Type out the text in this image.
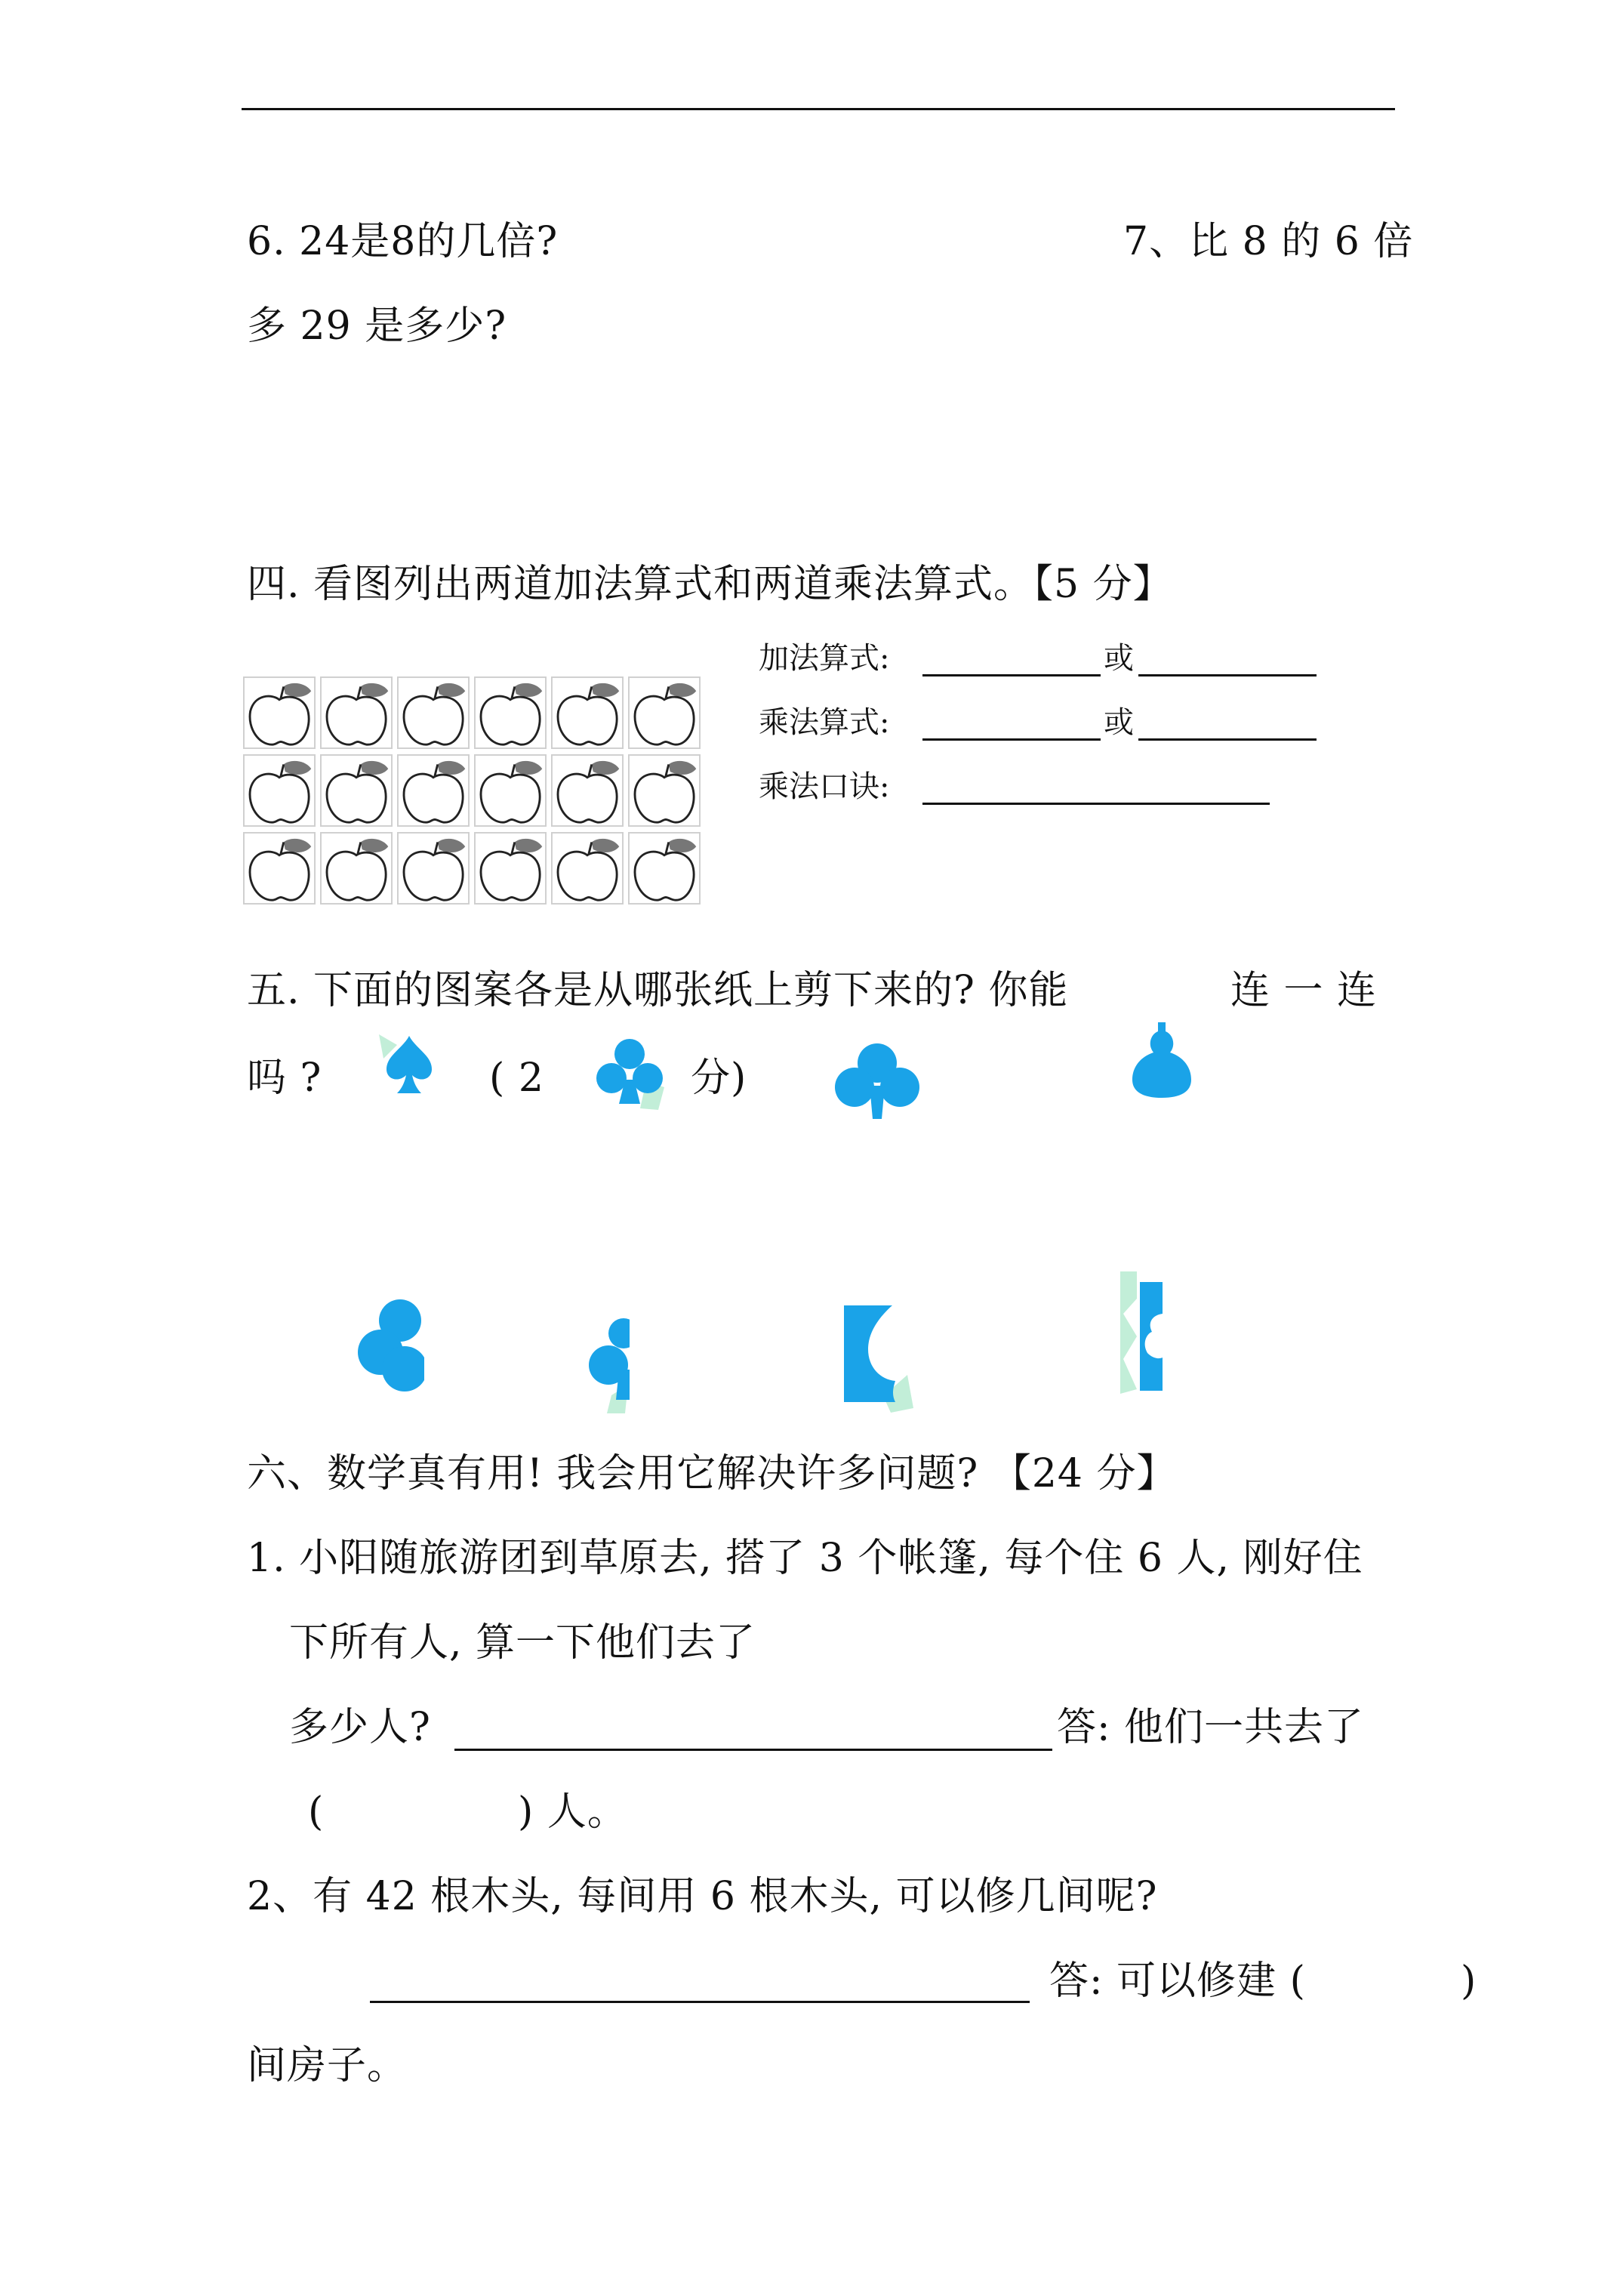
6. 24是8的几倍?	7、比 8 的 6 倍
多 29 是多少?
四. 看图列出两道加法算式和两道乘法算式。【5 分】
加法算式:	或
乘法算式:	或
乘法口诀:
五. 下面的图案各是从哪张纸上剪下来的? 你能	连 一 连
吗 ?	( 2	分)
六、数学真有用! 我会用它解决许多问题? 【24 分】
1. 小阳随旅游团到草原去, 搭了 3 个帐篷, 每个住 6 人, 刚好住
下所有人, 算一下他们去了
多少人?	答: 他们一共去了
(	) 人。
2、有 42 根木头, 每间用 6 根木头, 可以修几间呢?
答: 可以修建 (	)
间房子。
